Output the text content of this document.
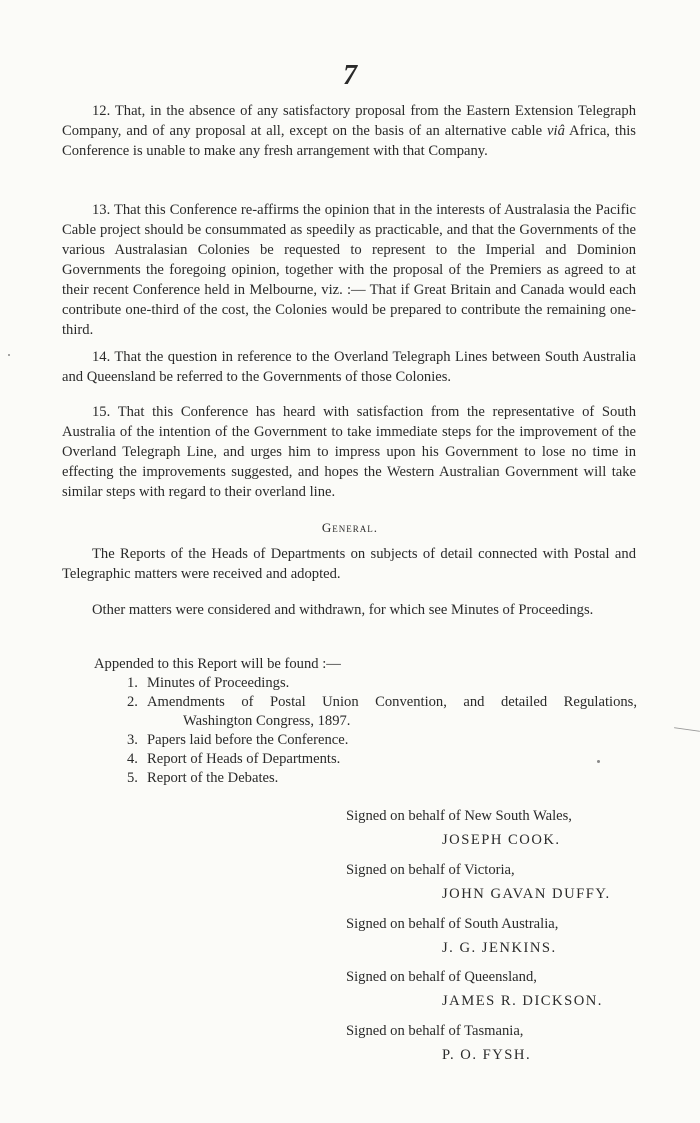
7
12. That, in the absence of any satisfactory proposal from the Eastern Extension Telegraph Company, and of any proposal at all, except on the basis of an alternative cable viâ Africa, this Conference is unable to make any fresh arrangement with that Company.
13. That this Conference re-affirms the opinion that in the interests of Australasia the Pacific Cable project should be consummated as speedily as practicable, and that the Governments of the various Australasian Colonies be requested to represent to the Imperial and Dominion Governments the foregoing opinion, together with the proposal of the Premiers as agreed to at their recent Conference held in Melbourne, viz. :— That if Great Britain and Canada would each contribute one-third of the cost, the Colonies would be prepared to contribute the remaining one-third.
14. That the question in reference to the Overland Telegraph Lines between South Australia and Queensland be referred to the Governments of those Colonies.
15. That this Conference has heard with satisfaction from the representative of South Australia of the intention of the Government to take immediate steps for the improvement of the Overland Telegraph Line, and urges him to impress upon his Government to lose no time in effecting the improvements suggested, and hopes the Western Australian Government will take similar steps with regard to their overland line.
General.
The Reports of the Heads of Departments on subjects of detail connected with Postal and Telegraphic matters were received and adopted.
Other matters were considered and withdrawn, for which see Minutes of Proceedings.
Appended to this Report will be found :—
1. Minutes of Proceedings.
2. Amendments of Postal Union Convention, and detailed Regulations,
Washington Congress, 1897.
3. Papers laid before the Conference.
4. Report of Heads of Departments.
5. Report of the Debates.
Signed on behalf of New South Wales,
JOSEPH COOK.
Signed on behalf of Victoria,
JOHN GAVAN DUFFY.
Signed on behalf of South Australia,
J. G. JENKINS.
Signed on behalf of Queensland,
JAMES R. DICKSON.
Signed on behalf of Tasmania,
P. O. FYSH.
